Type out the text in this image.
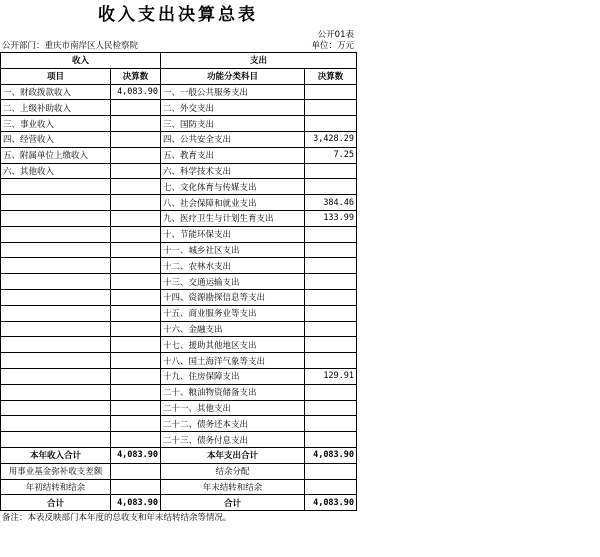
收入支出决算总表
公开01表
公开部门：重庆市南岸区人民检察院	单位：万元
收入		支出	
项目	决算数	功能分类科目	决算数
一、财政拨款收入	4,083.90	一、一般公共服务支出	
二、上级补助收入		二、外交支出	
三、事业收入		三、国防支出	
四、经营收入		四、公共安全支出	3,428.29
五、附属单位上缴收入		五、教育支出	7.25
六、其他收入		六、科学技术支出	
		七、文化体育与传媒支出	
		八、社会保障和就业支出	384.46
		九、医疗卫生与计划生育支出	133.99
		十、节能环保支出	
		十一、城乡社区支出	
		十二、农林水支出	
		十三、交通运输支出	
		十四、资源勘探信息等支出	
		十五、商业服务业等支出	
		十六、金融支出	
		十七、援助其他地区支出	
		十八、国土海洋气象等支出	
		十九、住房保障支出	129.91
		二十、粮油物资储备支出	
		二十一、其他支出	
		二十二、债务还本支出	
		二十三、债务付息支出	
本年收入合计	4,083.90	本年支出合计	4,083.90
用事业基金弥补收支差额		结余分配	
年初结转和结余		年末结转和结余	
合计	4,083.90	合计	4,083.90
备注：本表反映部门本年度的总收支和年末结转结余等情况。
